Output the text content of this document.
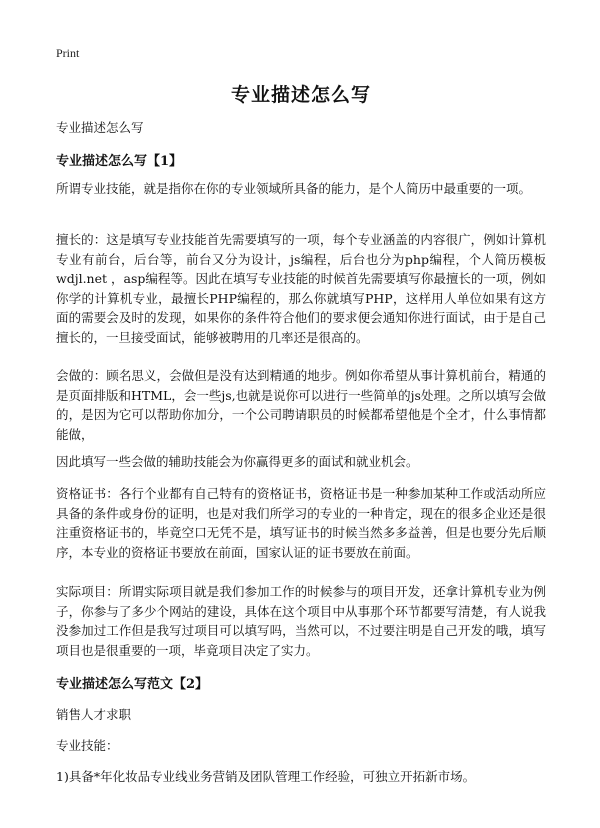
Print
专业描述怎么写

专业描述怎么写

专业描述怎么写【1】

所谓专业技能，就是指你在你的专业领域所具备的能力，是个人简历中最重要的一项。

擅长的：这是填写专业技能首先需要填写的一项，每个专业涵盖的内容很广，例如计算机专业有前台，后台等，前台又分为设计，js编程，后台也分为php编程，个人简历模板 wdjl.net ，asp编程等。因此在填写专业技能的时候首先需要填写你最擅长的一项，例如你学的计算机专业，最擅长PHP编程的，那么你就填写PHP，这样用人单位如果有这方面的需要会及时的发现，如果你的条件符合他们的要求便会通知你进行面试，由于是自己擅长的，一旦接受面试，能够被聘用的几率还是很高的。

会做的：顾名思义，会做但是没有达到精通的地步。例如你希望从事计算机前台，精通的是页面排版和HTML，会一些js,也就是说你可以进行一些简单的js处理。之所以填写会做的，是因为它可以帮助你加分，一个公司聘请职员的时候都希望他是个全才，什么事情都能做，

因此填写一些会做的辅助技能会为你赢得更多的面试和就业机会。

资格证书：各行个业都有自己特有的资格证书，资格证书是一种参加某种工作或活动所应具备的条件或身份的证明，也是对我们所学习的专业的一种肯定，现在的很多企业还是很注重资格证书的，毕竟空口无凭不是，填写证书的时候当然多多益善，但是也要分先后顺序，本专业的资格证书要放在前面，国家认证的证书要放在前面。

实际项目：所谓实际项目就是我们参加工作的时候参与的项目开发，还拿计算机专业为例子，你参与了多少个网站的建设，具体在这个项目中从事那个环节都要写清楚，有人说我没参加过工作但是我写过项目可以填写吗，当然可以，不过要注明是自己开发的哦，填写项目也是很重要的一项，毕竟项目决定了实力。

专业描述怎么写范文【2】

销售人才求职

专业技能：

1)具备*年化妆品专业线业务营销及团队管理工作经验，可独立开拓新市场。
